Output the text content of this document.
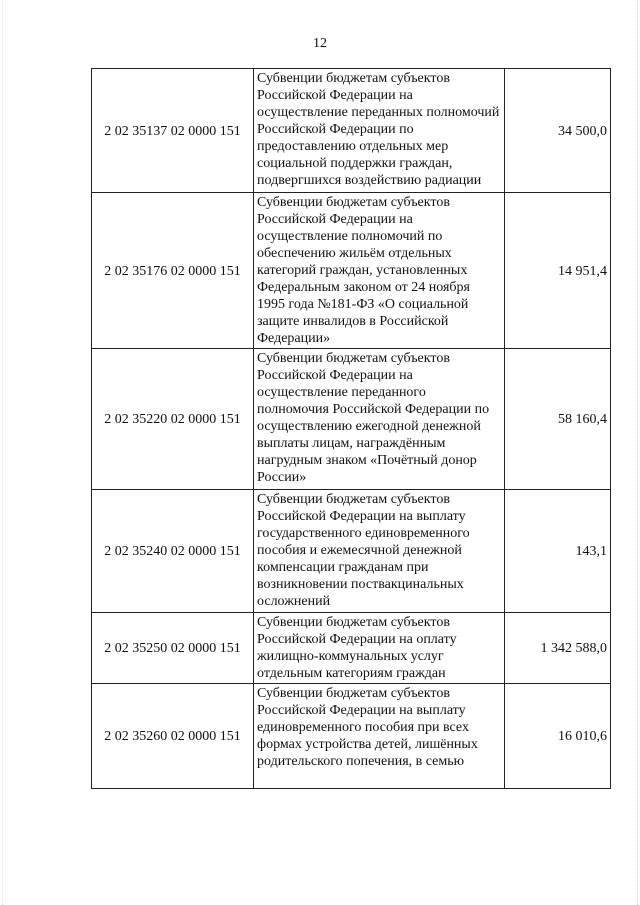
12
2 02 35137 02 0000 151	Субвенции бюджетам субъектов Российской Федерации на осуществление переданных полномочий Российской Федерации по предоставлению отдельных мер социальной поддержки граждан, подвергшихся воздействию радиации	34 500,0
2 02 35176 02 0000 151	Субвенции бюджетам субъектов Российской Федерации на осуществление полномочий по обеспечению жильём отдельных категорий граждан, установленных Федеральным законом от 24 ноября 1995 года №181-ФЗ «О социальной защите инвалидов в Российской Федерации»	14 951,4
2 02 35220 02 0000 151	Субвенции бюджетам субъектов Российской Федерации на осуществление переданного полномочия Российской Федерации по осуществлению ежегодной денежной выплаты лицам, награждённым нагрудным знаком «Почётный донор России»	58 160,4
2 02 35240 02 0000 151	Субвенции бюджетам субъектов Российской Федерации на выплату государственного единовременного пособия и ежемесячной денежной компенсации гражданам при возникновении поствакцинальных осложнений	143,1
2 02 35250 02 0000 151	Субвенции бюджетам субъектов Российской Федерации на оплату жилищно-коммунальных услуг отдельным категориям граждан	1 342 588,0
2 02 35260 02 0000 151	Субвенции бюджетам субъектов Российской Федерации на выплату единовременного пособия при всех формах устройства детей, лишённых родительского попечения, в семью	16 010,6
